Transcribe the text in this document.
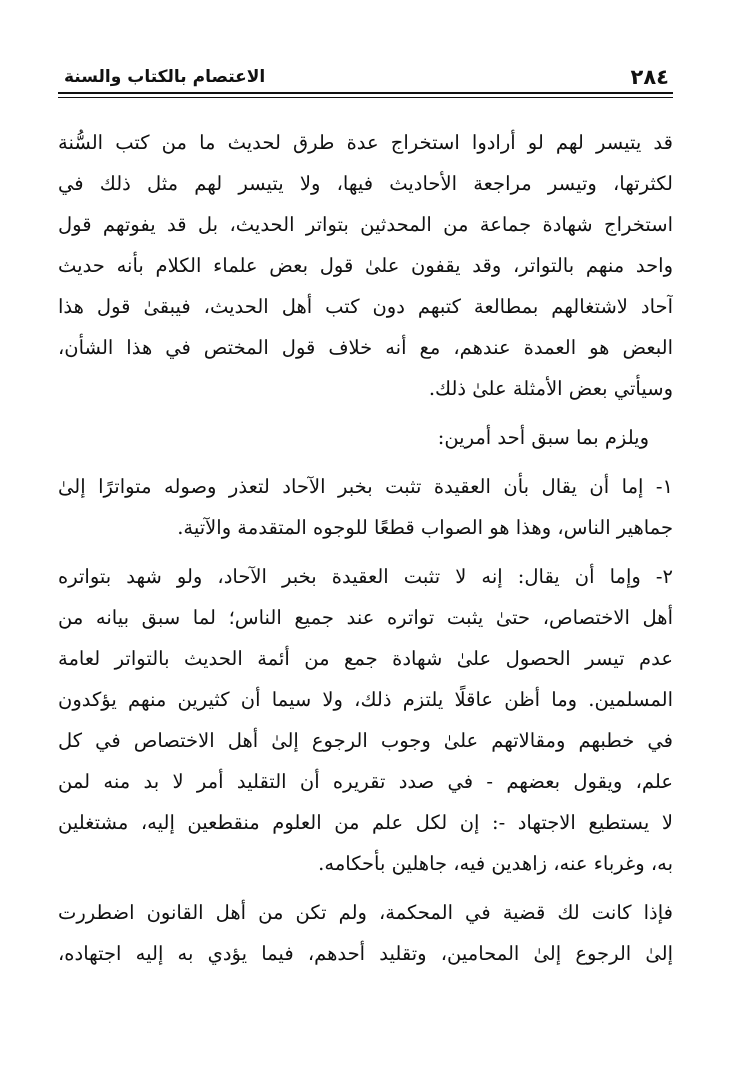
٢٨٤
الاعتصام بالكتاب والسنة
قد يتيسر لهم لو أرادوا استخراج عدة طرق لحديث ما من كتب السُّنة
لكثرتها، وتيسر مراجعة الأحاديث فيها، ولا يتيسر لهم مثل ذلك في
استخراج شهادة جماعة من المحدثين بتواتر الحديث، بل قد يفوتهم قول
واحد منهم بالتواتر، وقد يقفون علىٰ قول بعض علماء الكلام بأنه حديث
آحاد لاشتغالهم بمطالعة كتبهم دون كتب أهل الحديث، فيبقىٰ قول هذا
البعض هو العمدة عندهم، مع أنه خلاف قول المختص في هذا الشأن،
وسيأتي بعض الأمثلة علىٰ ذلك.
ويلزم بما سبق أحد أمرين:
١- إما أن يقال بأن العقيدة تثبت بخبر الآحاد لتعذر وصوله متواترًا إلىٰ
جماهير الناس، وهذا هو الصواب قطعًا للوجوه المتقدمة والآتية.
٢- وإما أن يقال: إنه لا تثبت العقيدة بخبر الآحاد، ولو شهد بتواتره
أهل الاختصاص، حتىٰ يثبت تواتره عند جميع الناس؛ لما سبق بيانه من
عدم تيسر الحصول علىٰ شهادة جمع من أئمة الحديث بالتواتر لعامة
المسلمين. وما أظن عاقلًا يلتزم ذلك، ولا سيما أن كثيرين منهم يؤكدون
في خطبهم ومقالاتهم علىٰ وجوب الرجوع إلىٰ أهل الاختصاص في كل
علم، ويقول بعضهم - في صدد تقريره أن التقليد أمر لا بد منه لمن
لا يستطيع الاجتهاد -: إن لكل علم من العلوم منقطعين إليه، مشتغلين
به، وغرباء عنه، زاهدين فيه، جاهلين بأحكامه.
فإذا كانت لك قضية في المحكمة، ولم تكن من أهل القانون اضطررت
إلىٰ الرجوع إلىٰ المحامين، وتقليد أحدهم، فيما يؤدي به إليه اجتهاده،
